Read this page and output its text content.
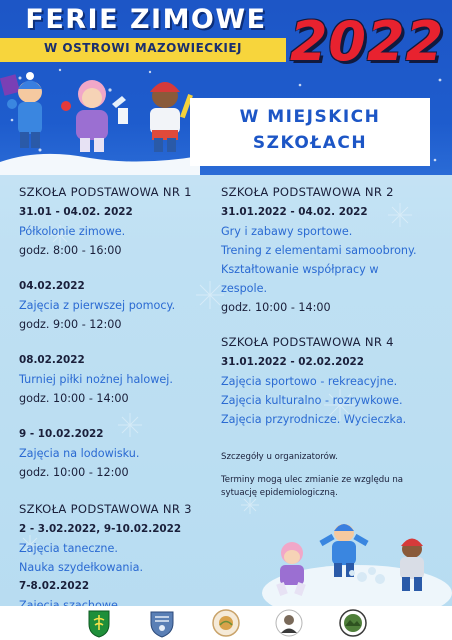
FERIE ZIMOWE
W OSTROWI MAZOWIECKIEJ 2022
W MIEJSKICH
SZKOŁACH
SZKOŁA PODSTAWOWA NR 1
31.01 - 04.02. 2022
Półkolonie zimowe.
godz. 8:00 - 16:00
04.02.2022
Zajęcia z pierwszej pomocy.
godz. 9:00 - 12:00
08.02.2022
Turniej piłki nożnej halowej.
godz. 10:00 - 14:00
9 - 10.02.2022
Zajęcia na lodowisku.
godz. 10:00 - 12:00
SZKOŁA PODSTAWOWA NR 3
2 - 3.02.2022, 9-10.02.2022
Zajęcia taneczne.
Nauka szydełkowania.
7-8.02.2022
SZKOŁA PODSTAWOWA NR 2
31.01.2022 - 04.02. 2022
Gry i zabawy sportowe.
Trening z elementami samoobrony.
Kształtowanie współpracy w
zespole.
godz. 10:00 - 14:00
SZKOŁA PODSTAWOWA NR 4
31.01.2022 - 02.02.2022
Zajęcia sportowo - rekreacyjne.
Zajęcia kulturalno - rozrywkowe.
Zajęcia przyrodnicze. Wycieczka.
Szczegóły u organizatorów.
Terminy mogą ulec zmianie ze względu na
sytuację epidemiologiczną.
